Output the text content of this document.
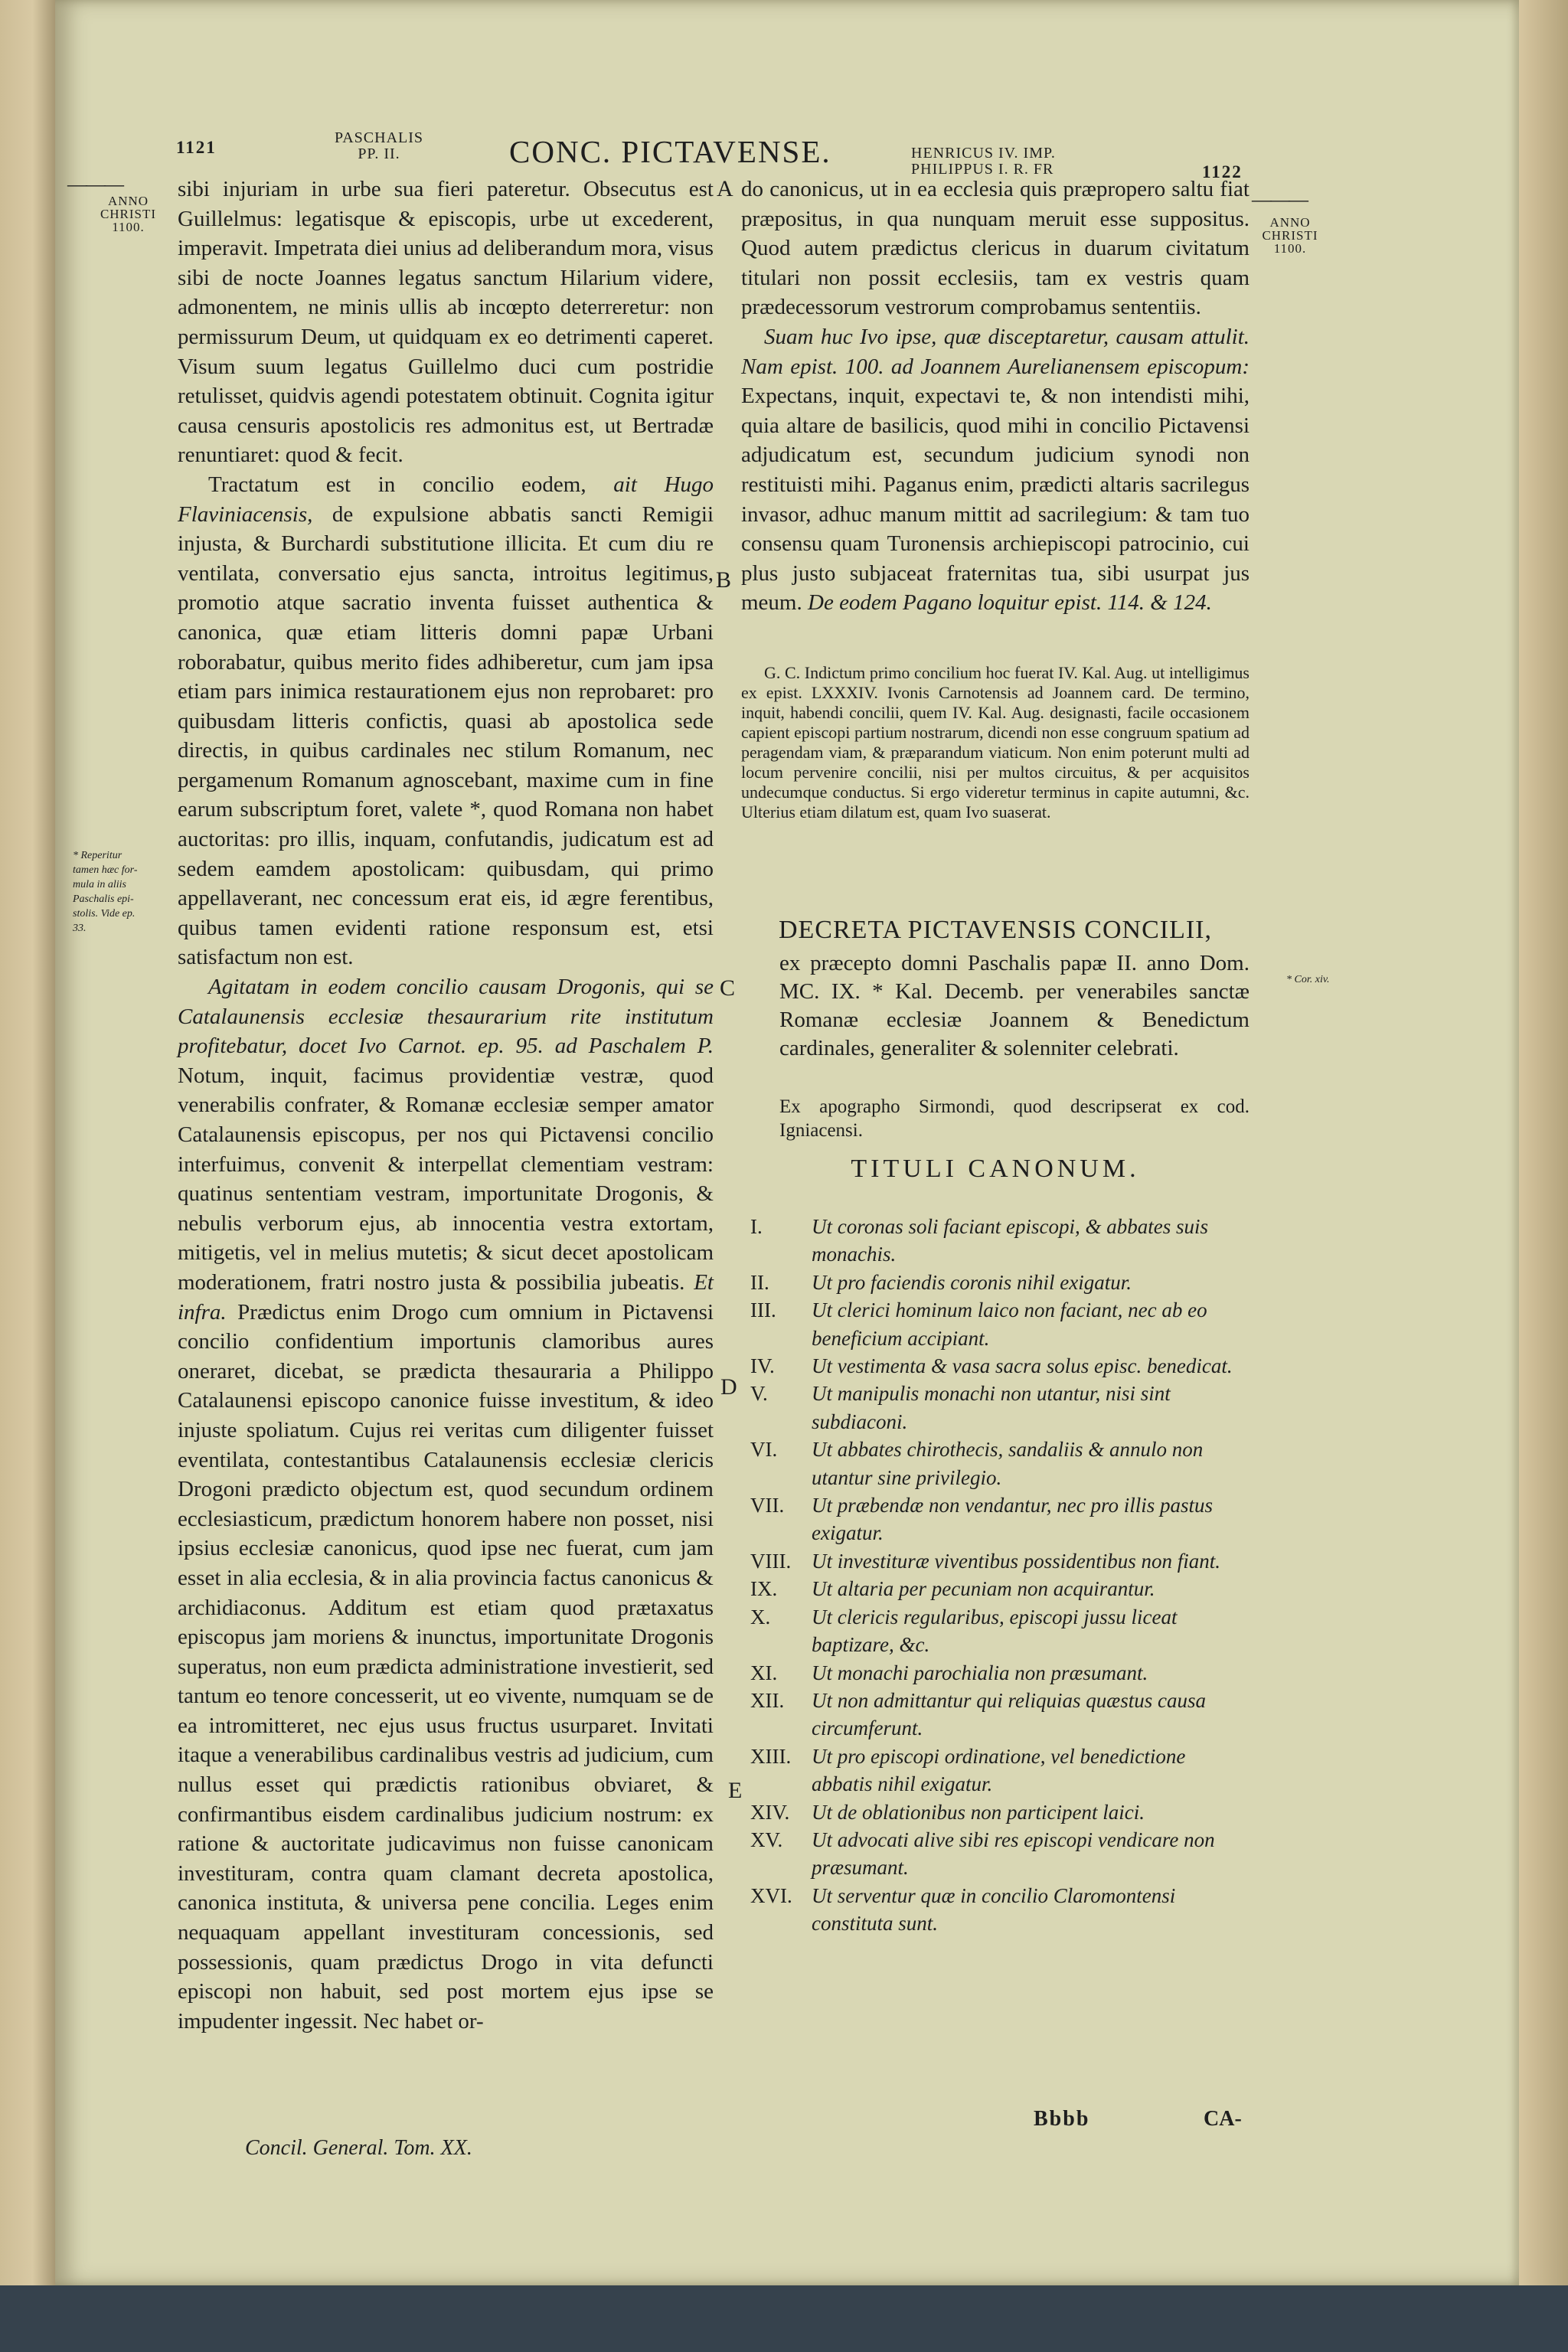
1121	PASCHALIS
PP. II.	CONC. PICTAVENSE.	HENRICUS IV. IMP.
PHILIPPUS I. R. FR	1122
———
ANNO
CHRISTI
1100.
———
ANNO
CHRISTI
1100.
* Reperitur
tamen hæc for-
mula in aliis
Paschalis epi-
stolis. Vide ep.
33.
* Cor. xiv.
A
B
C
D
E

sibi injuriam in urbe sua fieri pateretur. Obsecutus est Guillelmus: legatisque & episcopis, urbe ut excederent, imperavit. Impetrata diei unius ad deliberandum mora, visus sibi de nocte Joannes legatus sanctum Hilarium videre, admonentem, ne minis ullis ab incœpto deterreretur: non permissurum Deum, ut quidquam ex eo detrimenti caperet. Visum suum legatus Guillelmo duci cum postridie retulisset, quidvis agendi potestatem obtinuit. Cognita igitur causa censuris apostolicis res admonitus est, ut Bertradæ renuntiaret: quod & fecit.

Tractatum est in concilio eodem, ait Hugo Flaviniacensis, de expulsione abbatis sancti Remigii injusta, & Burchardi substitutione illicita. Et cum diu re ventilata, conversatio ejus sancta, introitus legitimus, promotio atque sacratio inventa fuisset authentica & canonica, quæ etiam litteris domni papæ Urbani roborabatur, quibus merito fides adhiberetur, cum jam ipsa etiam pars inimica restaurationem ejus non reprobaret: pro quibusdam litteris confictis, quasi ab apostolica sede directis, in quibus cardinales nec stilum Romanum, nec pergamenum Romanum agnoscebant, maxime cum in fine earum subscriptum foret, valete *, quod Romana non habet auctoritas: pro illis, inquam, confutandis, judicatum est ad sedem eamdem apostolicam: quibusdam, qui primo appellaverant, nec concessum erat eis, id ægre ferentibus, quibus tamen evidenti ratione responsum est, etsi satisfactum non est.

Agitatam in eodem concilio causam Drogonis, qui se Catalaunensis ecclesiæ thesaurarium rite institutum profitebatur, docet Ivo Carnot. ep. 95. ad Paschalem P. Notum, inquit, facimus providentiæ vestræ, quod venerabilis confrater, & Romanæ ecclesiæ semper amator Catalaunensis episcopus, per nos qui Pictavensi concilio interfuimus, convenit & interpellat clementiam vestram: quatinus sententiam vestram, importunitate Drogonis, & nebulis verborum ejus, ab innocentia vestra extortam, mitigetis, vel in melius mutetis; & sicut decet apostolicam moderationem, fratri nostro justa & possibilia jubeatis. Et infra. Prædictus enim Drogo cum omnium in Pictavensi concilio confidentium importunis clamoribus aures oneraret, dicebat, se prædicta thesauraria a Philippo Catalaunensi episcopo canonice fuisse investitum, & ideo injuste spoliatum. Cujus rei veritas cum diligenter fuisset eventilata, contestantibus Catalaunensis ecclesiæ clericis Drogoni prædicto objectum est, quod secundum ordinem ecclesiasticum, prædictum honorem habere non posset, nisi ipsius ecclesiæ canonicus, quod ipse nec fuerat, cum jam esset in alia ecclesia, & in alia provincia factus canonicus & archidiaconus. Additum est etiam quod prætaxatus episcopus jam moriens & inunctus, importunitate Drogonis superatus, non eum prædicta administratione investierit, sed tantum eo tenore concesserit, ut eo vivente, numquam se de ea intromitteret, nec ejus usus fructus usurparet. Invitati itaque a venerabilibus cardinalibus vestris ad judicium, cum nullus esset qui prædictis rationibus obviaret, & confirmantibus eisdem cardinalibus judicium nostrum: ex ratione & auctoritate judicavimus non fuisse canonicam investituram, contra quam clamant decreta apostolica, canonica instituta, & universa pene concilia. Leges enim nequaquam appellant investituram concessionis, sed possessionis, quam prædictus Drogo in vita defuncti episcopi non habuit, sed post mortem ejus ipse se impudenter ingessit. Nec habet or-

Concil. General. Tom. XX.

do canonicus, ut in ea ecclesia quis præpropero saltu fiat præpositus, in qua nunquam meruit esse suppositus. Quod autem prædictus clericus in duarum civitatum titulari non possit ecclesiis, tam ex vestris quam prædecessorum vestrorum comprobamus sententiis.

Suam huc Ivo ipse, quæ disceptaretur, causam attulit. Nam epist. 100. ad Joannem Aurelianensem episcopum: Expectans, inquit, expectavi te, & non intendisti mihi, quia altare de basilicis, quod mihi in concilio Pictavensi adjudicatum est, secundum judicium synodi non restituisti mihi. Paganus enim, prædicti altaris sacrilegus invasor, adhuc manum mittit ad sacrilegium: & tam tuo consensu quam Turonensis archiepiscopi patrocinio, cui plus justo subjaceat fraternitas tua, sibi usurpat jus meum. De eodem Pagano loquitur epist. 114. & 124.

G. C. Indictum primo concilium hoc fuerat IV. Kal. Aug. ut intelligimus ex epist. LXXXIV. Ivonis Carnotensis ad Joannem card. De termino, inquit, habendi concilii, quem IV. Kal. Aug. designasti, facile occasionem capient episcopi partium nostrarum, dicendi non esse congruum spatium ad peragendam viam, & præparandum viaticum. Non enim poterunt multi ad locum pervenire concilii, nisi per multos circuitus, & per acquisitos undecumque conductus. Si ergo videretur terminus in capite autumni, &c. Ulterius etiam dilatum est, quam Ivo suaserat.

DECRETA PICTAVENSIS CONCILII,
ex præcepto domni Paschalis papæ II. anno Dom. MC. IX. * Kal. Decemb. per venerabiles sanctæ Romanæ ecclesiæ Joannem & Benedictum cardinales, generaliter & solenniter celebrati.
Ex apographo Sirmondi, quod descripserat ex cod. Igniacensi.
TITULI CANONUM.
I.	Ut coronas soli faciant episcopi, & abbates suis monachis.
II.	Ut pro faciendis coronis nihil exigatur.
III.	Ut clerici hominum laico non faciant, nec ab eo beneficium accipiant.
IV.	Ut vestimenta & vasa sacra solus episc. benedicat.
V.	Ut manipulis monachi non utantur, nisi sint subdiaconi.
VI.	Ut abbates chirothecis, sandaliis & annulo non utantur sine privilegio.
VII.	Ut præbendæ non vendantur, nec pro illis pastus exigatur.
VIII. Ut investituræ viventibus possidentibus non fiant.
IX.	Ut altaria per pecuniam non acquirantur.
X.	Ut clericis regularibus, episcopi jussu liceat baptizare, &c.
XI.	Ut monachi parochialia non præsumant.
XII.	Ut non admittantur qui reliquias quæstus causa circumferunt.
XIII. Ut pro episcopi ordinatione, vel benedictione abbatis nihil exigatur.
XIV.	Ut de oblationibus non participent laici.
XV.	Ut advocati alive sibi res episcopi vendicare non præsumant.
XVI. Ut serventur quæ in concilio Claromontensi constituta sunt.
Bbbb	CA-
